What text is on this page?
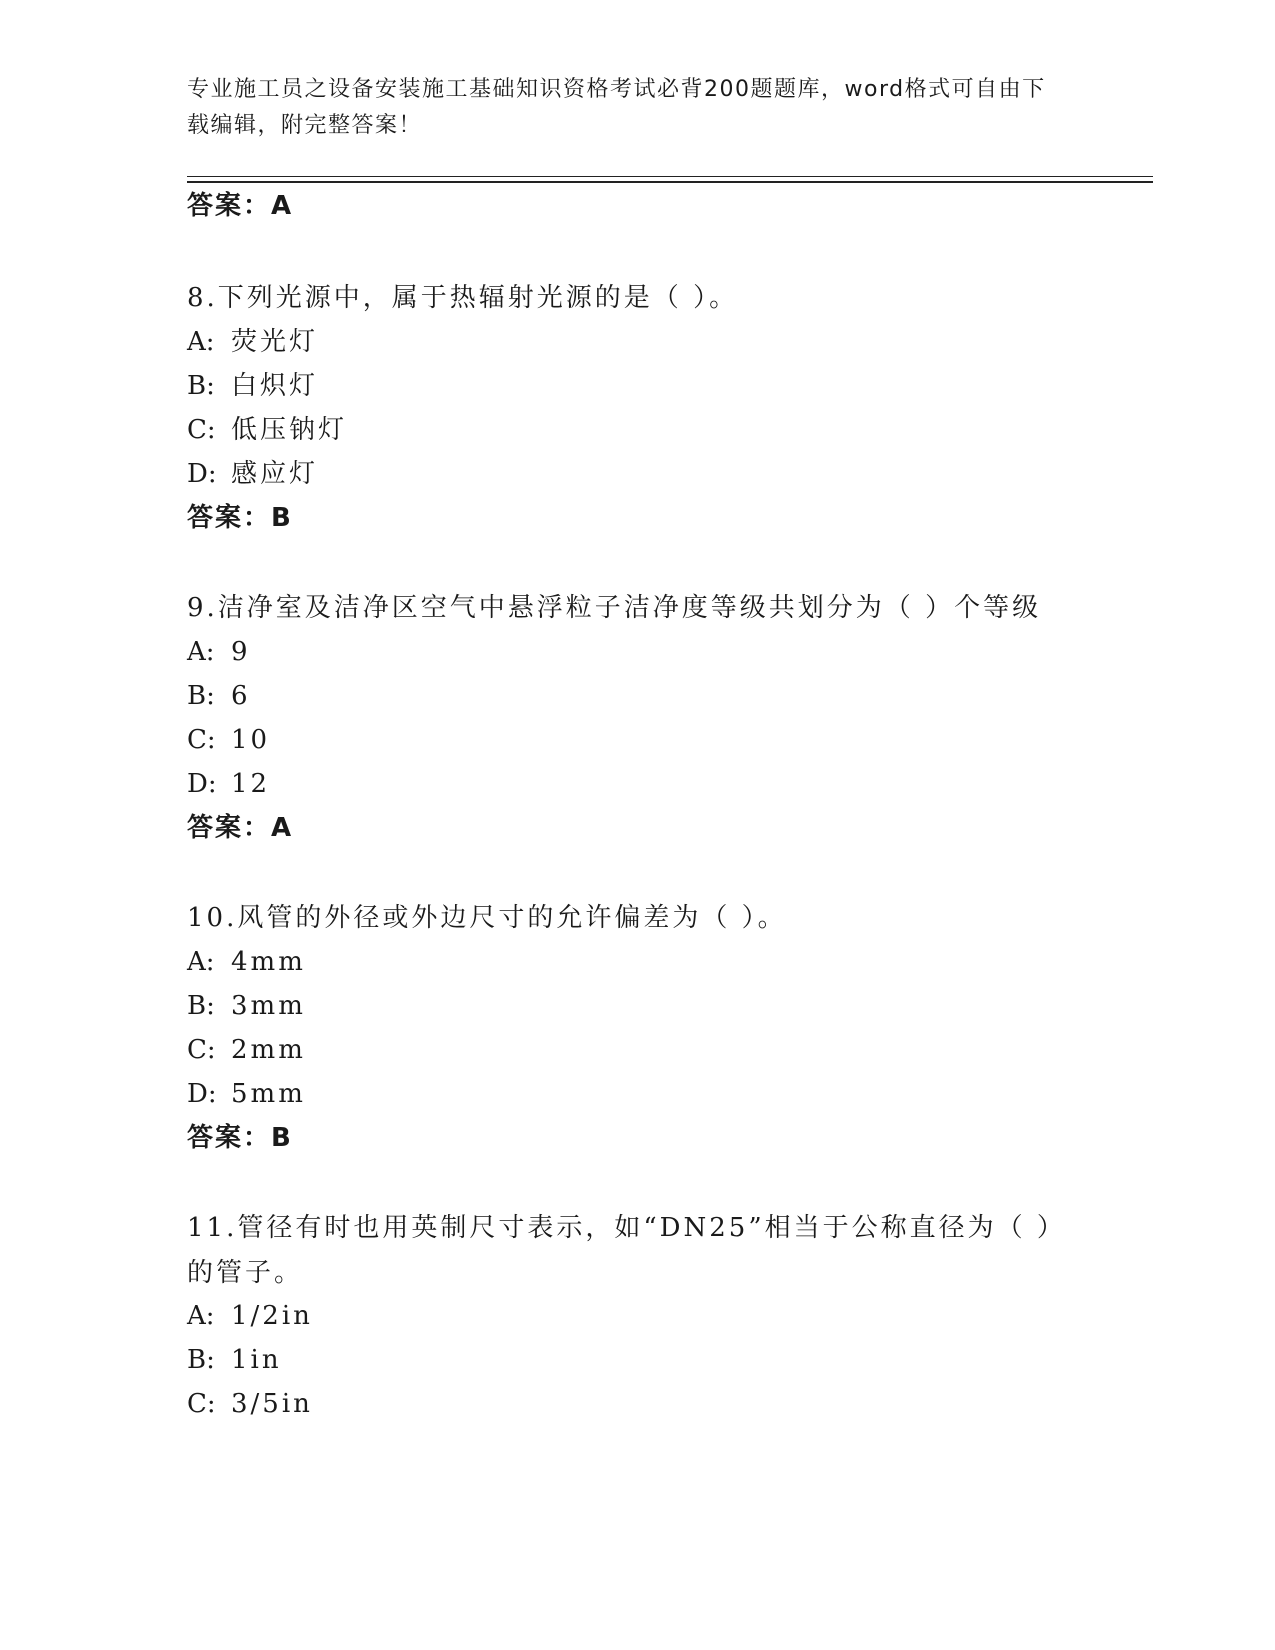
专业施工员之设备安装施工基础知识资格考试必背200题题库，word格式可自由下载编辑，附完整答案！
答案：A
8.下列光源中，属于热辐射光源的是（ ）。
A: 荧光灯
B: 白炽灯
C: 低压钠灯
D: 感应灯
答案：B
9.洁净室及洁净区空气中悬浮粒子洁净度等级共划分为（ ）个等级
A: 9
B: 6
C: 10
D: 12
答案：A
10.风管的外径或外边尺寸的允许偏差为（ ）。
A: 4mm
B: 3mm
C: 2mm
D: 5mm
答案：B
11.管径有时也用英制尺寸表示，如“DN25”相当于公称直径为（ ）的管子。
A: 1/2in
B: 1in
C: 3/5in
